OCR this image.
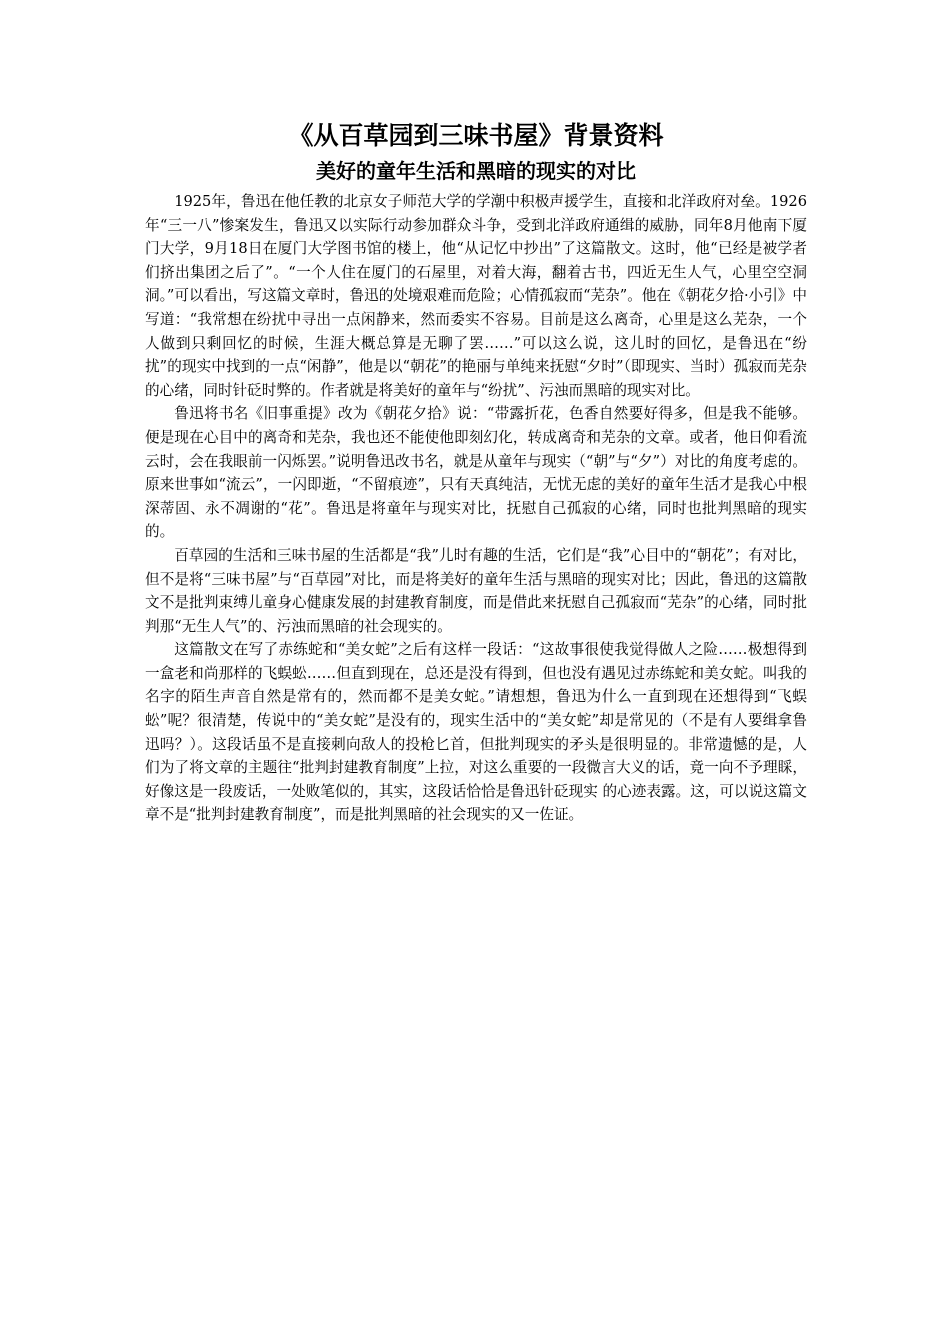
《从百草园到三味书屋》背景资料
美好的童年生活和黑暗的现实的对比

1925年，鲁迅在他任教的北京女子师范大学的学潮中积极声援学生，直接和北洋政府对垒。1926年“三一八”惨案发生，鲁迅又以实际行动参加群众斗争，受到北洋政府通缉的威胁，同年8月他南下厦门大学，9月18日在厦门大学图书馆的楼上，他“从记忆中抄出”了这篇散文。这时，他“已经是被学者们挤出集团之后了”。“一个人住在厦门的石屋里，对着大海，翻着古书，四近无生人气，心里空空洞洞。”可以看出，写这篇文章时，鲁迅的处境艰难而危险；心情孤寂而“芜杂”。他在《朝花夕拾·小引》中写道：“我常想在纷扰中寻出一点闲静来，然而委实不容易。目前是这么离奇，心里是这么芜杂，一个人做到只剩回忆的时候，生涯大概总算是无聊了罢……”可以这么说，这儿时的回忆，是鲁迅在“纷扰”的现实中找到的一点“闲静”，他是以“朝花”的艳丽与单纯来抚慰“夕时”（即现实、当时）孤寂而芜杂的心绪，同时针砭时弊的。作者就是将美好的童年与“纷扰”、污浊而黑暗的现实对比。

鲁迅将书名《旧事重提》改为《朝花夕拾》说：“带露折花，色香自然要好得多，但是我不能够。便是现在心目中的离奇和芜杂，我也还不能使他即刻幻化，转成离奇和芜杂的文章。或者，他日仰看流云时，会在我眼前一闪烁罢。”说明鲁迅改书名，就是从童年与现实（“朝”与“夕”）对比的角度考虑的。原来世事如“流云”，一闪即逝，“不留痕迹”，只有天真纯洁，无忧无虑的美好的童年生活才是我心中根深蒂固、永不凋谢的“花”。鲁迅是将童年与现实对比，抚慰自己孤寂的心绪，同时也批判黑暗的现实的。

百草园的生活和三味书屋的生活都是“我”儿时有趣的生活，它们是“我”心目中的“朝花”；有对比，但不是将“三味书屋”与“百草园”对比，而是将美好的童年生活与黑暗的现实对比；因此，鲁迅的这篇散文不是批判束缚儿童身心健康发展的封建教育制度，而是借此来抚慰自己孤寂而“芜杂”的心绪，同时批判那“无生人气”的、污浊而黑暗的社会现实的。

这篇散文在写了赤练蛇和“美女蛇”之后有这样一段话：“这故事很使我觉得做人之险……极想得到一盒老和尚那样的飞蜈蚣……但直到现在，总还是没有得到，但也没有遇见过赤练蛇和美女蛇。叫我的名字的陌生声音自然是常有的，然而都不是美女蛇。”请想想，鲁迅为什么一直到现在还想得到“飞蜈蚣”呢？很清楚，传说中的“美女蛇”是没有的，现实生活中的“美女蛇”却是常见的（不是有人要缉拿鲁迅吗？）。这段话虽不是直接刺向敌人的投枪匕首，但批判现实的矛头是很明显的。非常遗憾的是，人们为了将文章的主题往“批判封建教育制度”上拉，对这么重要的一段微言大义的话，竟一向不予理睬，好像这是一段废话，一处败笔似的，其实，这段话恰恰是鲁迅针砭现实 的心迹表露。这，可以说这篇文章不是“批判封建教育制度”，而是批判黑暗的社会现实的又一佐证。
